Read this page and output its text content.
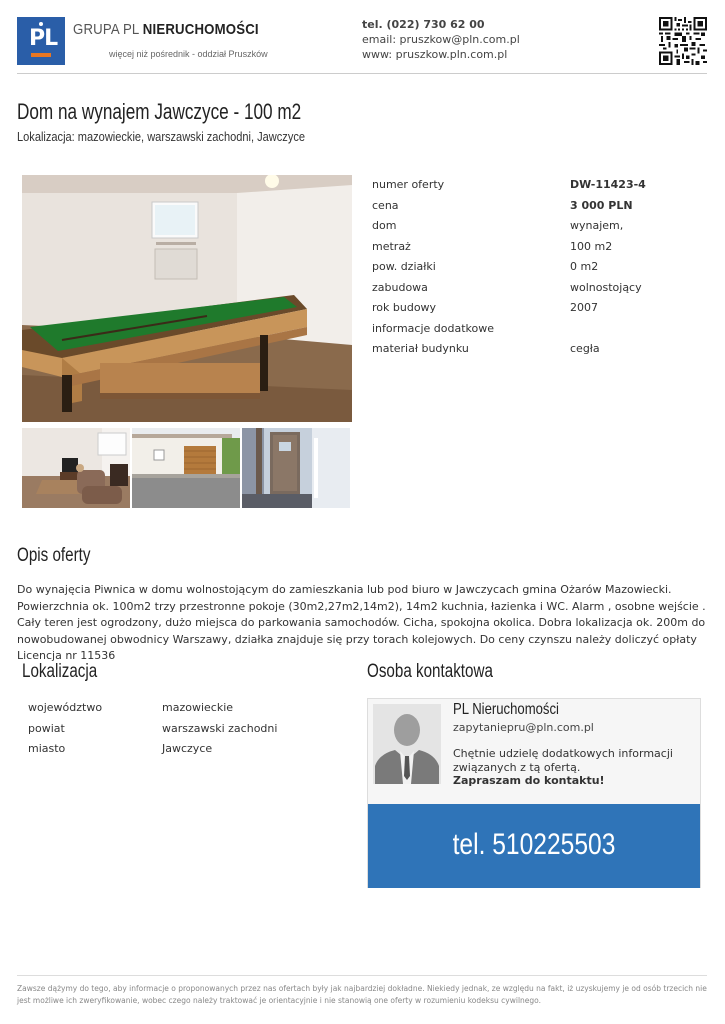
PL GRUPA PL NIERUCHOMOŚCI
więcej niż pośrednik - oddział Pruszków
tel. (022) 730 62 00
email: pruszkow@pln.com.pl
www: pruszkow.pln.com.pl
Dom na wynajem Jawczyce - 100 m2
Lokalizacja: mazowieckie, warszawski zachodni, Jawczyce
numer oferty	DW-11423-4
cena	3 000 PLN
dom	wynajem,
metraż	100 m2
pow. działki	0 m2
zabudowa	wolnostojący
rok budowy	2007
informacje dodatkowe
materiał budynku	cegła
Opis oferty
Do wynajęcia Piwnica w domu wolnostojącym do zamieszkania lub pod biuro w Jawczycach gmina Ożarów Mazowiecki. Powierzchnia ok. 100m2 trzy przestronne pokoje (30m2,27m2,14m2), 14m2 kuchnia, łazienka i WC. Alarm , osobne wejście . Cały teren jest ogrodzony, dużo miejsca do parkowania samochodów. Cicha, spokojna okolica. Dobra lokalizacja ok. 200m do nowobudowanej obwodnicy Warszawy, działka znajduje się przy torach kolejowych. Do ceny czynszu należy doliczyć opłaty Licencja nr 11536
Lokalizacja
województwo	mazowieckie
powiat	warszawski zachodni
miasto	Jawczyce
Osoba kontaktowa
PL Nieruchomości
zapytaniepru@pln.com.pl
Chętnie udzielę dodatkowych informacji związanych z tą ofertą.
Zapraszam do kontaktu!
tel. 510225503
Zawsze dążymy do tego, aby informacje o proponowanych przez nas ofertach były jak najbardziej dokładne. Niekiedy jednak, ze względu na fakt, iż uzyskujemy je od osób trzecich nie jest możliwe ich zweryfikowanie, wobec czego należy traktować je orientacyjnie i nie stanowią one oferty w rozumieniu kodeksu cywilnego.
